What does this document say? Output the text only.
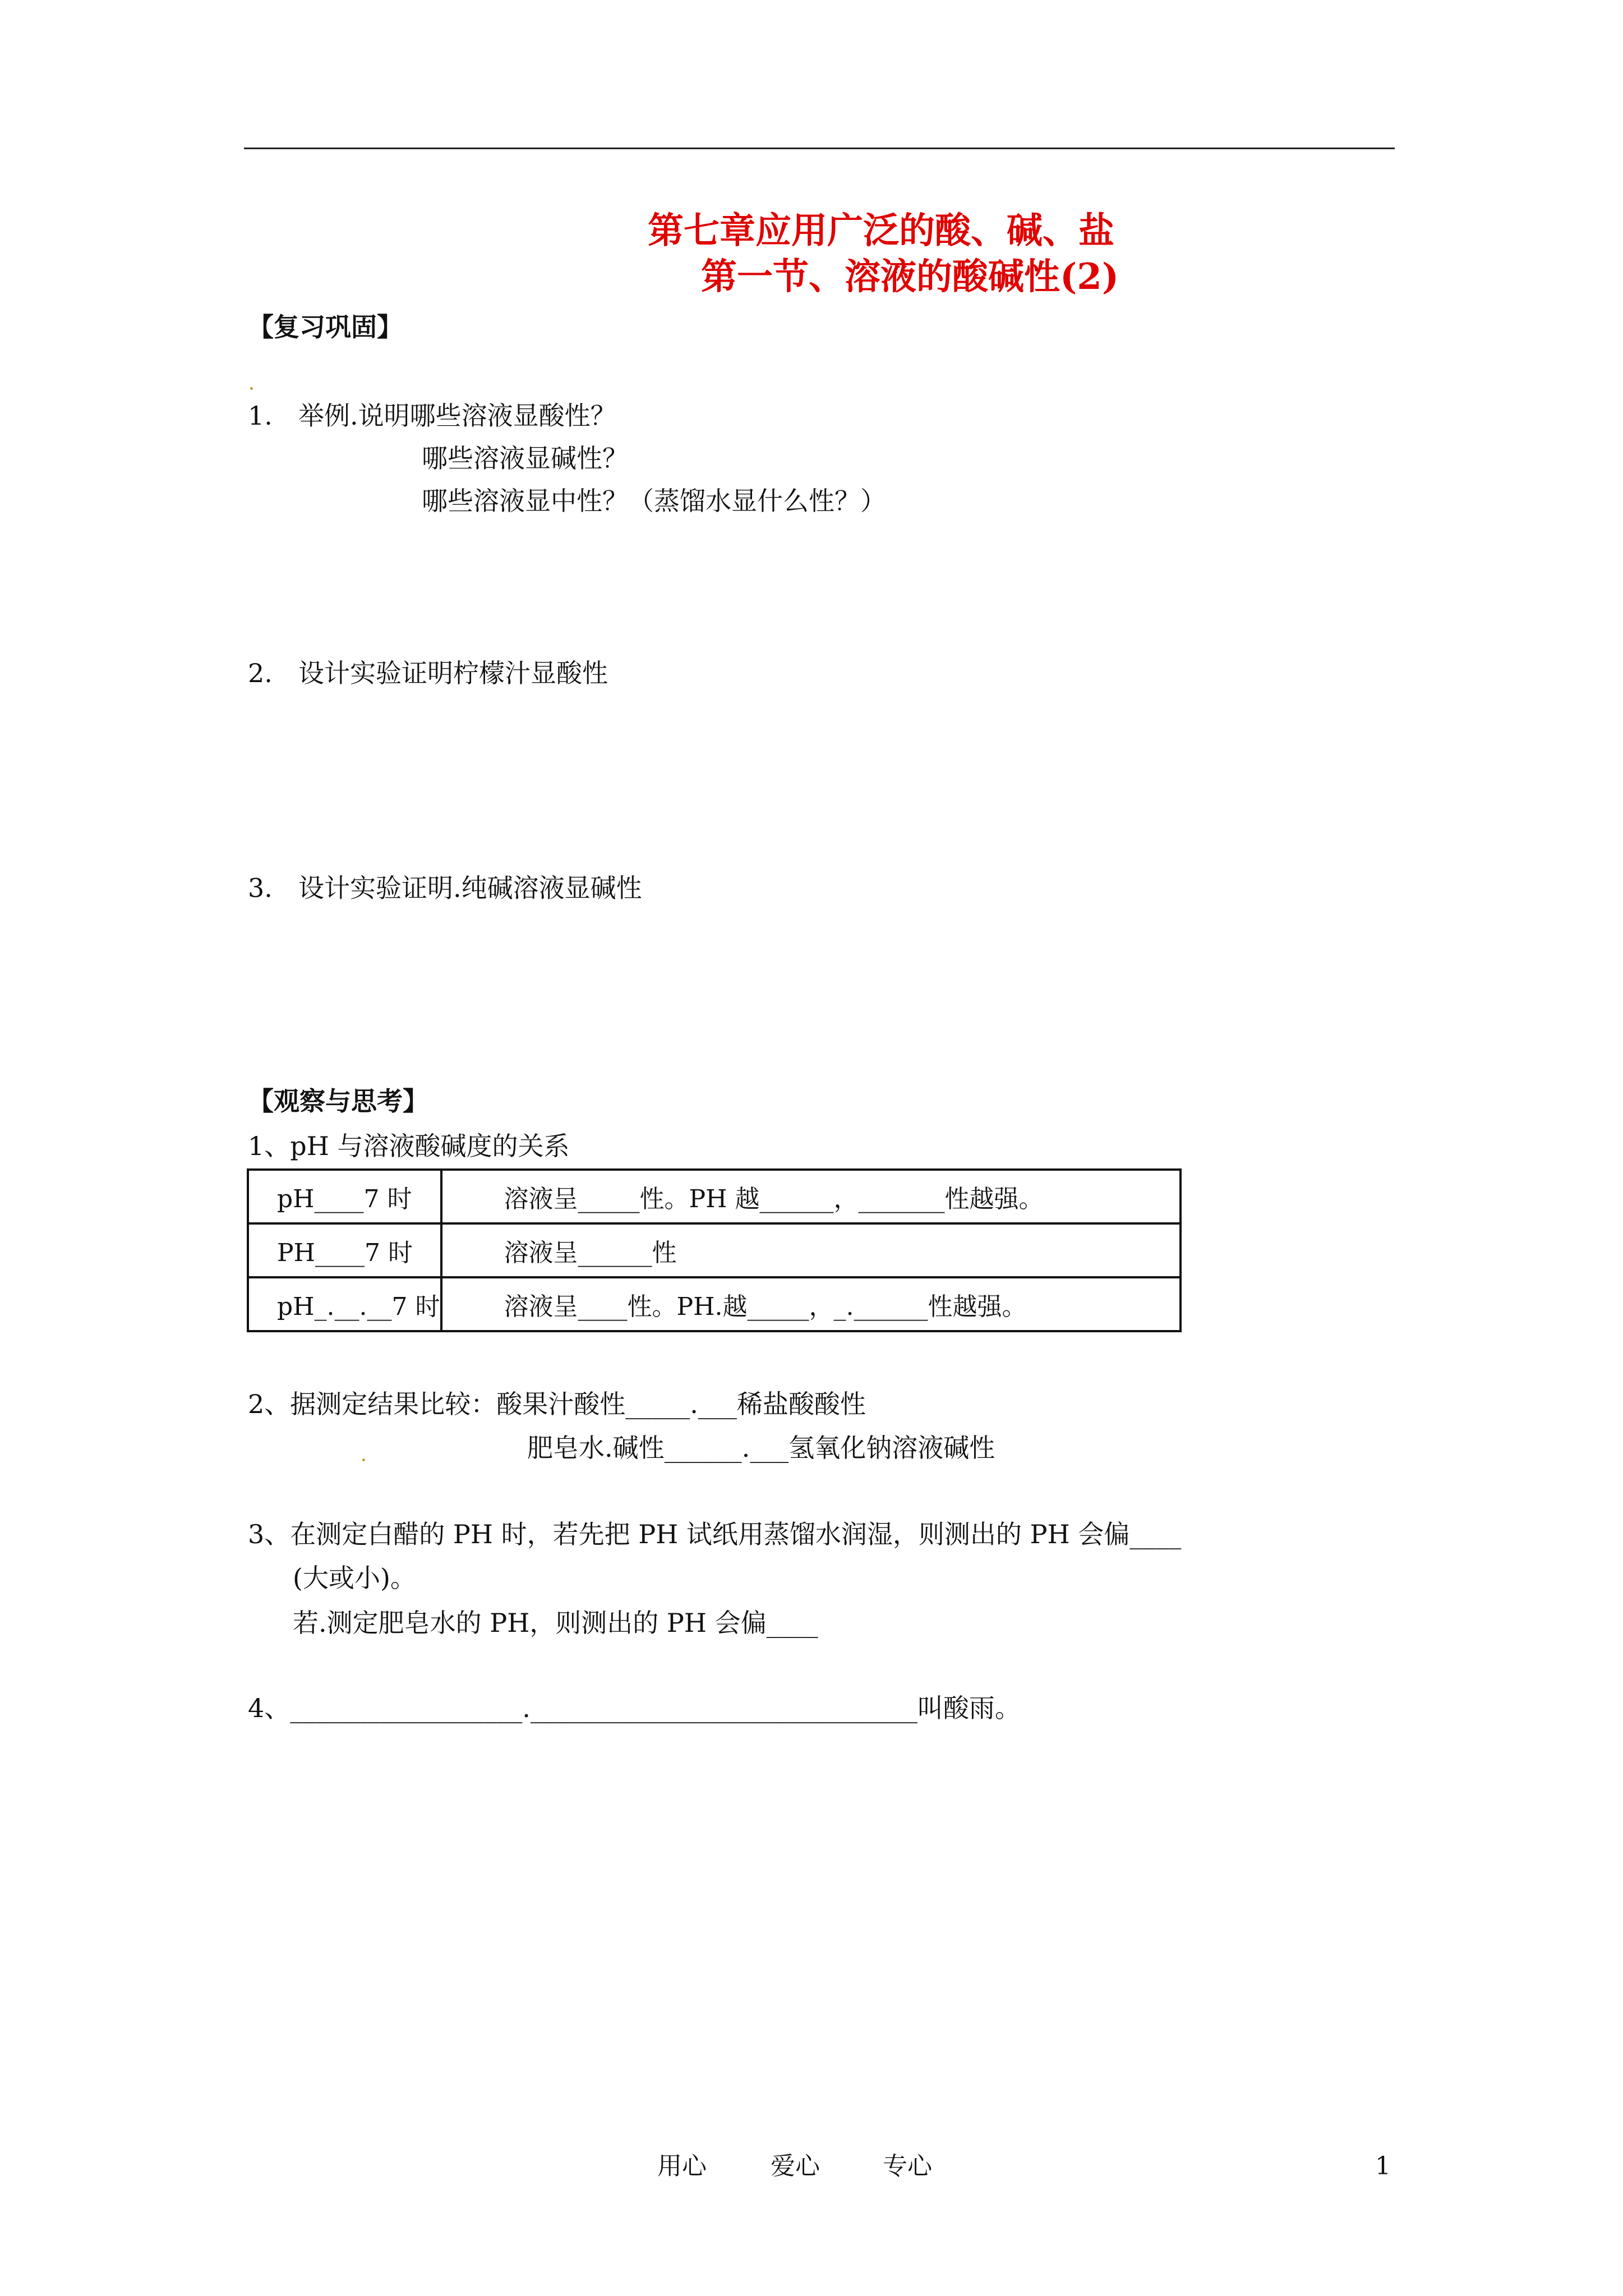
第七章应用广泛的酸、碱、盐
第一节、溶液的酸碱性(2)
【复习巩固】
1. 举例.说明哪些溶液显酸性？
哪些溶液显碱性？
哪些溶液显中性？（蒸馏水显什么性？）
2. 设计实验证明柠檬汁显酸性
3. 设计实验证明.纯碱溶液显碱性
【观察与思考】
1、pH 与溶液酸碱度的关系
pH____7 时	溶液呈_____性。PH 越______，_______性越强。
PH____7 时	溶液呈______性
pH_.__.__7 时	溶液呈____性。PH.越_____，_.______性越强。
2、据测定结果比较：酸果汁酸性_____.___稀盐酸酸性
肥皂水.碱性______.___氢氧化钠溶液碱性
3、在测定白醋的 PH 时，若先把 PH 试纸用蒸馏水润湿，则测出的 PH 会偏____
(大或小)。
若.测定肥皂水的 PH，则测出的 PH 会偏____
4、__________________.______________________________叫酸雨。
用心	爱心	专心	1
